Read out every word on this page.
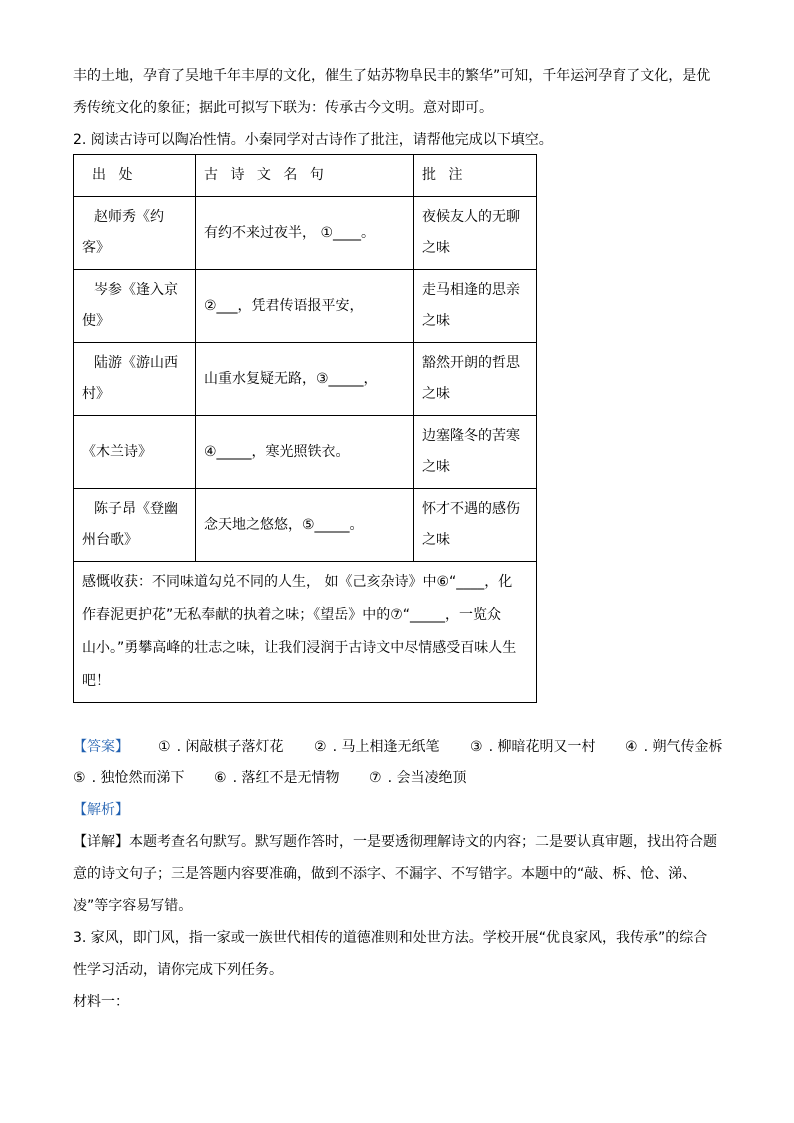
丰的土地，孕育了吴地千年丰厚的文化，催生了姑苏物阜民丰的繁华”可知，千年运河孕育了文化，是优
秀传统文化的象征；据此可拟写下联为：传承古今文明。意对即可。
2. 阅读古诗可以陶冶性情。小秦同学对古诗作了批注，请帮他完成以下填空。
出 处	古 诗 文 名 句	批 注

赵师秀《约
客》	有约不来过夜半， ①____。	夜候友人的无聊
之味

岑参《逢入京
使》	②___，凭君传语报平安，	走马相逢的思亲
之味

陆游《游山西
村》	山重水复疑无路，③_____，	豁然开朗的哲思
之味

《木兰诗》	④_____，寒光照铁衣。	边塞隆冬的苦寒
之味

陈子昂《登幽
州台歌》	念天地之悠悠，⑤_____。	怀才不遇的感伤
之味

感慨收获：不同味道勾兑不同的人生， 如《己亥杂诗》中⑥“____，化
作春泥更护花”无私奉献的执着之味；《望岳》中的⑦“_____，一览众
山小。”勇攀高峰的壮志之味，让我们浸润于古诗文中尽情感受百味人生
吧！		
【答案】 ① . 闲敲棋子落灯花 ② . 马上相逢无纸笔 ③ . 柳暗花明又一村 ④ . 朔气传金柝
⑤ . 独怆然而涕下 ⑥ . 落红不是无情物 ⑦ . 会当凌绝顶
【解析】
【详解】本题考查名句默写。默写题作答时，一是要透彻理解诗文的内容；二是要认真审题，找出符合题
意的诗文句子；三是答题内容要准确，做到不添字、不漏字、不写错字。本题中的“敲、柝、怆、涕、
凌”等字容易写错。
3. 家风，即门风，指一家或一族世代相传的道德准则和处世方法。学校开展“优良家风，我传承”的综合
性学习活动，请你完成下列任务。
材料一：
